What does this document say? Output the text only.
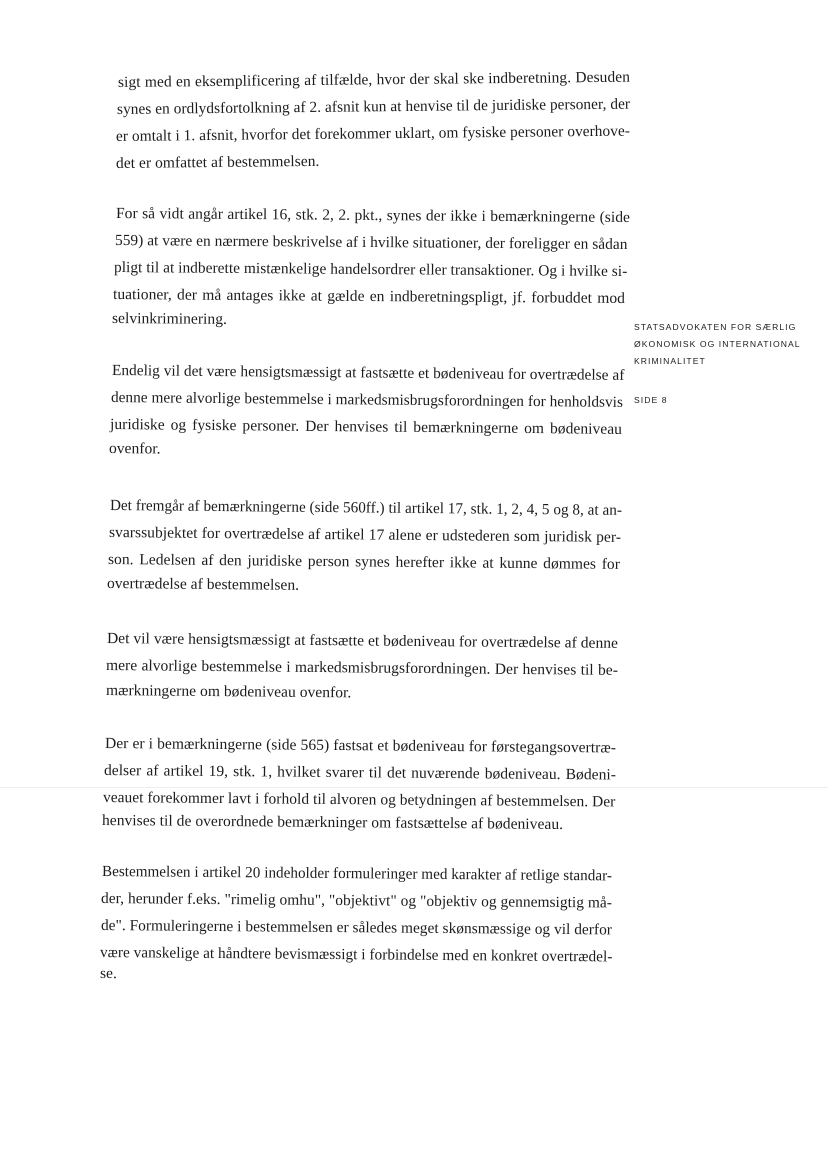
sigt med en eksemplificering af tilfælde, hvor der skal ske indberetning. Desuden
synes en ordlydsfortolkning af 2. afsnit kun at henvise til de juridiske personer, der
er omtalt i 1. afsnit, hvorfor det forekommer uklart, om fysiske personer overhove-
det er omfattet af bestemmelsen.
For så vidt angår artikel 16, stk. 2, 2. pkt., synes der ikke i bemærkningerne (side
559) at være en nærmere beskrivelse af i hvilke situationer, der foreligger en sådan
pligt til at indberette mistænkelige handelsordrer eller transaktioner. Og i hvilke si-
tuationer, der må antages ikke at gælde en indberetningspligt, jf. forbuddet mod
selvinkriminering.
Endelig vil det være hensigtsmæssigt at fastsætte et bødeniveau for overtrædelse af
denne mere alvorlige bestemmelse i markedsmisbrugsforordningen for henholdsvis
juridiske og fysiske personer. Der henvises til bemærkningerne om bødeniveau
ovenfor.
Det fremgår af bemærkningerne (side 560ff.) til artikel 17, stk. 1, 2, 4, 5 og 8, at an-
svarssubjektet for overtrædelse af artikel 17 alene er udstederen som juridisk per-
son. Ledelsen af den juridiske person synes herefter ikke at kunne dømmes for
overtrædelse af bestemmelsen.
Det vil være hensigtsmæssigt at fastsætte et bødeniveau for overtrædelse af denne
mere alvorlige bestemmelse i markedsmisbrugsforordningen. Der henvises til be-
mærkningerne om bødeniveau ovenfor.
Der er i bemærkningerne (side 565) fastsat et bødeniveau for førstegangsovertræ-
delser af artikel 19, stk. 1, hvilket svarer til det nuværende bødeniveau. Bødeni-
veauet forekommer lavt i forhold til alvoren og betydningen af bestemmelsen. Der
henvises til de overordnede bemærkninger om fastsættelse af bødeniveau.
Bestemmelsen i artikel 20 indeholder formuleringer med karakter af retlige standar-
der, herunder f.eks. "rimelig omhu", "objektivt" og "objektiv og gennemsigtig må-
de". Formuleringerne i bestemmelsen er således meget skønsmæssige og vil derfor
være vanskelige at håndtere bevismæssigt i forbindelse med en konkret overtrædel-
se.
STATSADVOKATEN FOR SÆRLIG
ØKONOMISK OG INTERNATIONAL
KRIMINALITET
SIDE 8
